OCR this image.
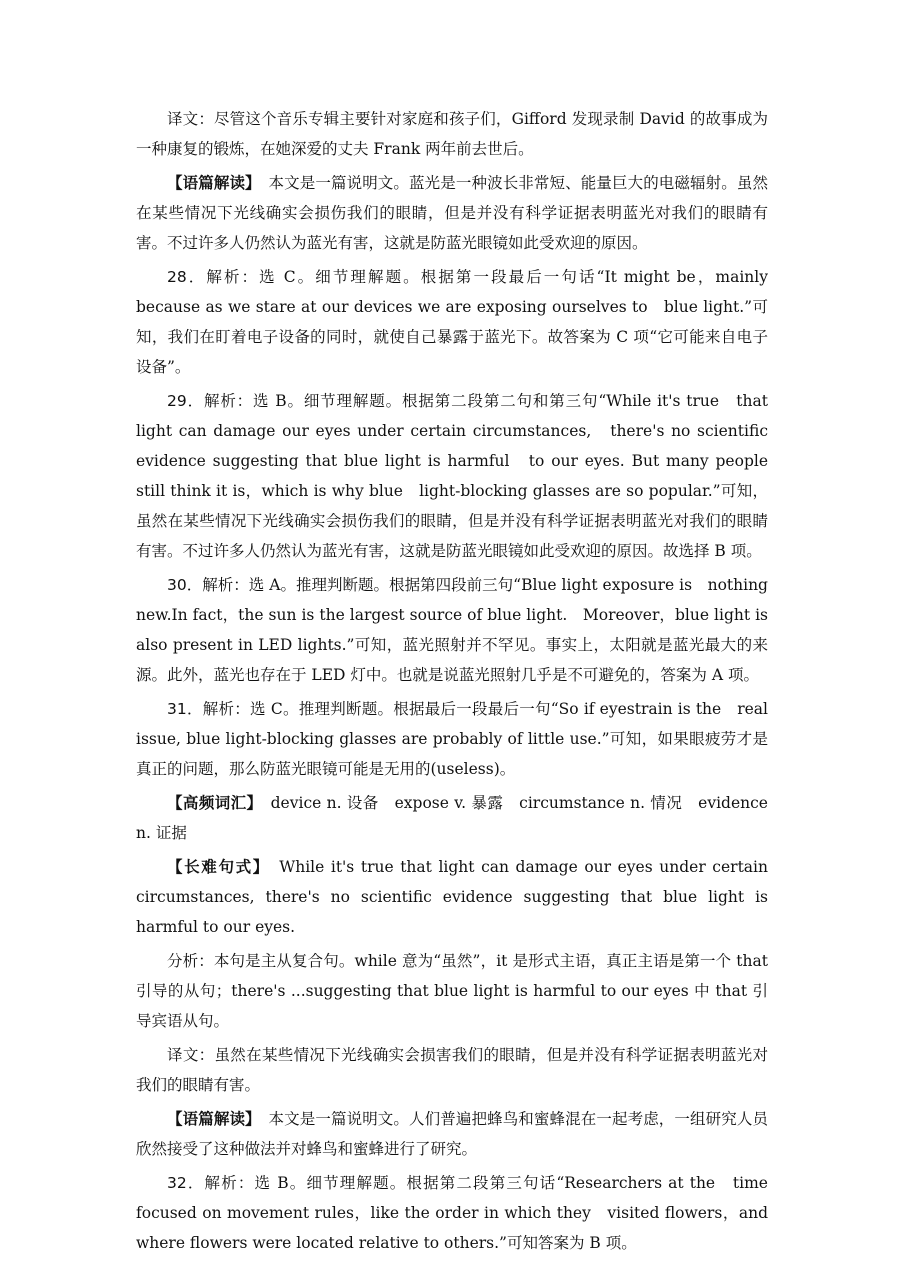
译文：尽管这个音乐专辑主要针对家庭和孩子们，Gifford 发现录制 David 的故事成为一种康复的锻炼，在她深爱的丈夫 Frank 两年前去世后。

【语篇解读】　本文是一篇说明文。蓝光是一种波长非常短、能量巨大的电磁辐射。虽然在某些情况下光线确实会损伤我们的眼睛，但是并没有科学证据表明蓝光对我们的眼睛有害。不过许多人仍然认为蓝光有害，这就是防蓝光眼镜如此受欢迎的原因。

28．解析：选 C。细节理解题。根据第一段最后一句话“It might be，mainly　because as we stare at our devices we are exposing ourselves to　blue light.”可知，我们在盯着电子设备的同时，就使自己暴露于蓝光下。故答案为 C 项“它可能来自电子设备”。

29．解析：选 B。细节理解题。根据第二段第二句和第三句“While it's true　that light can damage our eyes under certain circumstances,　there's no scientific evidence suggesting that blue light is harmful　to our eyes. But many people still think it is，which is why blue　light-blocking glasses are so popular.”可知，虽然在某些情况下光线确实会损伤我们的眼睛，但是并没有科学证据表明蓝光对我们的眼睛有害。不过许多人仍然认为蓝光有害，这就是防蓝光眼镜如此受欢迎的原因。故选择 B 项。

30．解析：选 A。推理判断题。根据第四段前三句“Blue light exposure is　nothing new.In fact，the sun is the largest source of blue light.　Moreover，blue light is also present in LED lights.”可知，蓝光照射并不罕见。事实上，太阳就是蓝光最大的来源。此外，蓝光也存在于 LED 灯中。也就是说蓝光照射几乎是不可避免的，答案为 A 项。

31．解析：选 C。推理判断题。根据最后一段最后一句“So if eyestrain is the　real issue, blue light-blocking glasses are probably of little use.”可知，如果眼疲劳才是真正的问题，那么防蓝光眼镜可能是无用的(useless)。

【高频词汇】　device n. 设备　expose v. 暴露　circumstance n. 情况　evidence n. 证据

【长难句式】　While it's true that light can damage our eyes under certain circumstances, there's no scientific evidence suggesting that blue light is harmful to our eyes.

分析：本句是主从复合句。while 意为“虽然”，it 是形式主语，真正主语是第一个 that 引导的从句；there's ...suggesting that blue light is harmful to our eyes 中 that 引导宾语从句。

译文：虽然在某些情况下光线确实会损害我们的眼睛，但是并没有科学证据表明蓝光对我们的眼睛有害。

【语篇解读】　本文是一篇说明文。人们普遍把蜂鸟和蜜蜂混在一起考虑，一组研究人员欣然接受了这种做法并对蜂鸟和蜜蜂进行了研究。

32．解析：选 B。细节理解题。根据第二段第三句话“Researchers at the　time focused on movement rules，like the order in which they　visited flowers，and where flowers were located relative to others.”可知答案为 B 项。
